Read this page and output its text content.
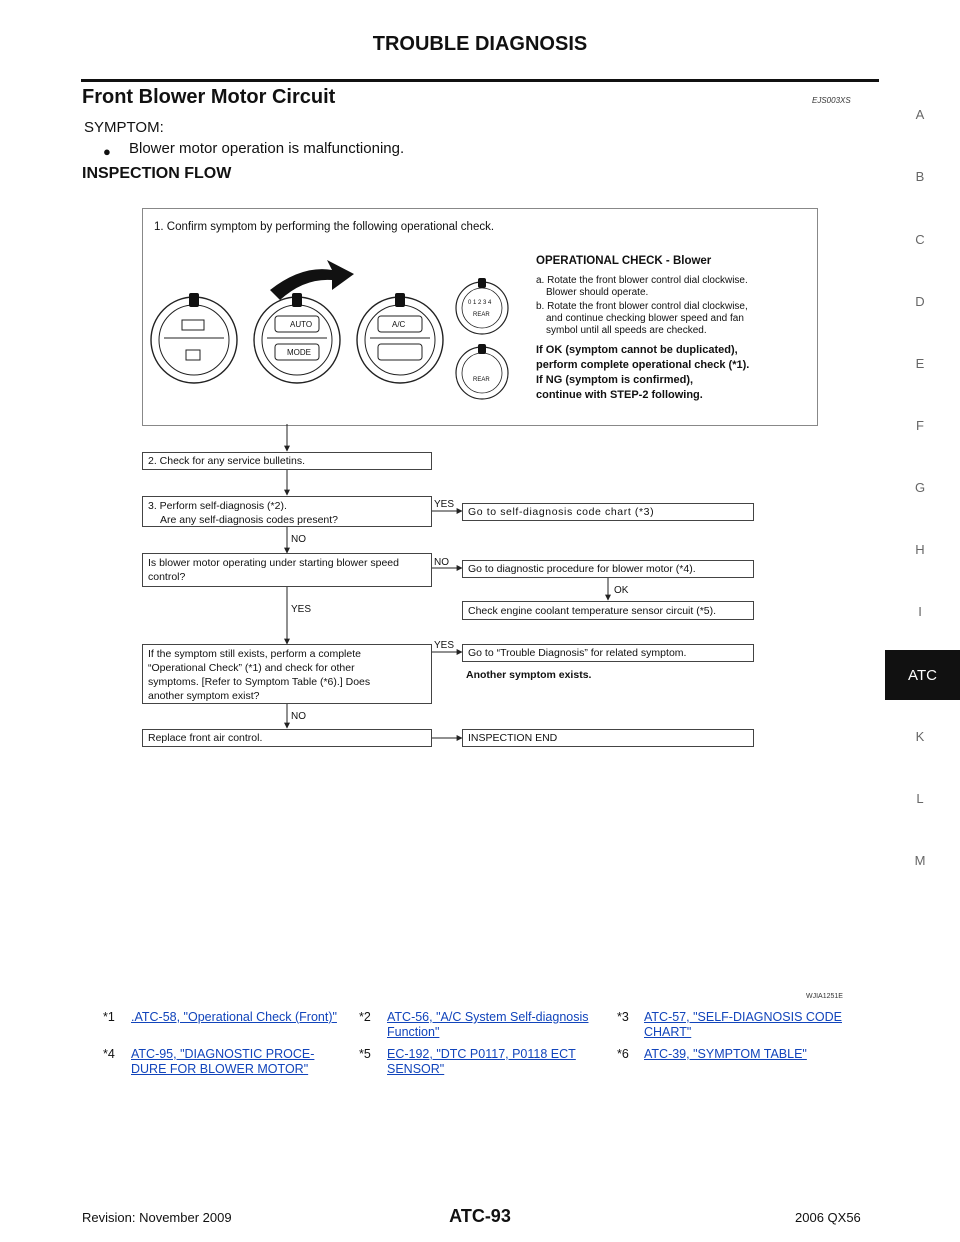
TROUBLE DIAGNOSIS
Front Blower Motor Circuit	EJS003XS
SYMPTOM:
● Blower motor operation is malfunctioning.
INSPECTION FLOW
A
B
C
D
E
F
G
H
I
ATC
K
L
M
1. Confirm symptom by performing the following operational check.
AUTO
MODE
A/C
0 1 2 3 4
REAR
REAR
OPERATIONAL CHECK - Blower
a. Rotate the front blower control dial clockwise.
Blower should operate.
b. Rotate the front blower control dial clockwise,
and continue checking blower speed and fan
symbol until all speeds are checked.
If OK (symptom cannot be duplicated),
perform complete operational check (*1).
If NG (symptom is confirmed),
continue with STEP-2 following.
2. Check for any service bulletins.
3. Perform self-diagnosis (*2).
Are any self-diagnosis codes present?
YES
Go to self-diagnosis code chart (*3)
NO
Is blower motor operating under starting blower speed
control?
NO
Go to diagnostic procedure for blower motor (*4).
OK
Check engine coolant temperature sensor circuit (*5).
YES
If the symptom still exists, perform a complete
“Operational Check” (*1) and check for other
symptoms. [Refer to Symptom Table (*6).] Does
another symptom exist?
YES
Go to “Trouble Diagnosis” for related symptom.
Another symptom exists.
NO
Replace front air control.	INSPECTION END
WJIA1251E
*1 .ATC-58, "Operational Check (Front)"	*2 ATC-56, "A/C System Self-diagnosis Function"
*3 ATC-57, "SELF-DIAGNOSIS CODE CHART"
*4 ATC-95, "DIAGNOSTIC PROCE-DURE FOR BLOWER MOTOR"
*5 EC-192, "DTC P0117, P0118 ECT SENSOR"
*6 ATC-39, "SYMPTOM TABLE"
Revision: November 2009	ATC-93	2006 QX56
